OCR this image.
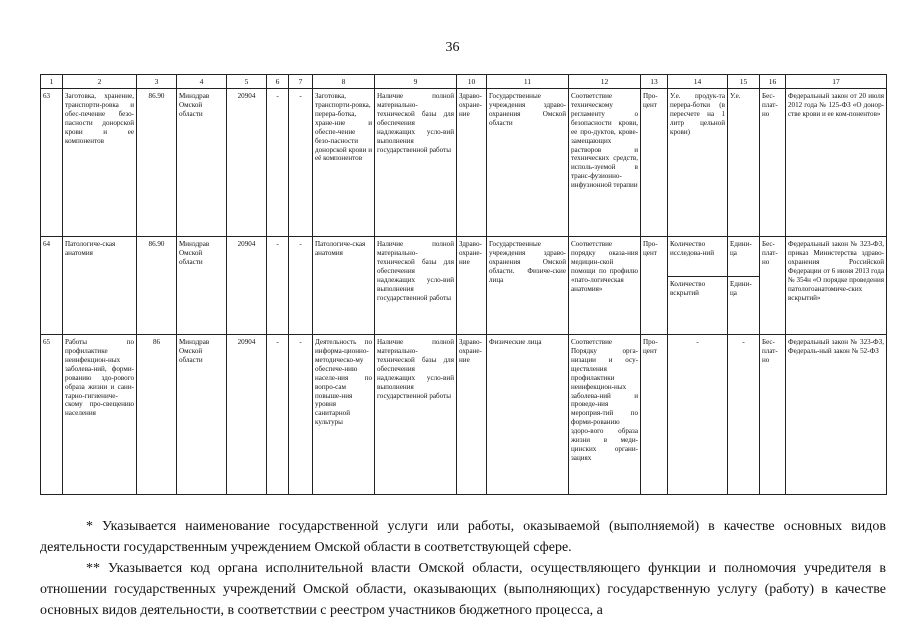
36
1	2	3	4	5	6	7	8	9	10	11	12	13	14	15	16	17
63	Заготовка, хранение, транспорти-ровка и обес-печение безо-пасности донорской крови и ее компонентов	86.90	Минздрав Омской области	20904	-	-	Заготовка, транспорти-ровка, перера-ботка, хране-ние и обеспе-чение безо-пасности донорской крови и её компонентов	Наличие полной материально-технической базы для обеспечения надлежащих усло-вий выполнения государственной работы	Здраво-охране-ние	Государственные учреждения здраво-охранения Омской области	Соответствие техническому регламенту о безопасности крови, ее про-дуктов, крове-замещающих растворов и технических средств, исполь-зуемой в транс-фузионно-инфузионной терапии	Про-цент	У.е. продук-та перера-ботки (в пересчете на 1 литр цельной крови)	У.е.	Бес-плат-но	Федеральный закон от 20 июля 2012 года № 125-ФЗ «О донор-стве крови и ее ком-понентов»
64	Патологиче-ская анатомия	86.90	Минздрав Омской области	20904	-	-	Патологиче-ская анатомия	Наличие полной материально-технической базы для обеспечения надлежащих усло-вий выполнения государственной работы	Здраво-охране-ние	Государственные учреждения здраво-охранения Омской области. Физиче-ские лица	Соответствие порядку оказа-ния медицин-ской помощи по профилю «пато-логическая анатомия»	Про-цент	Количество исследова-ний	Едини-ца	Бес-плат-но	Федеральный закон № 323-ФЗ, приказ Министерства здраво-охранения Российской Федерации от 6 июня 2013 года № 354н «О порядке проведения патологоанатомиче-ских вскрытий»
													Количество вскрытий	Едини-ца		
65	Работы по профилактике неинфекцион-ных заболева-ний, форми-рованию здо-рового образа жизни и сани-тарно-гигиениче-скому про-свещению населения	86	Минздрав Омской области	20904	-	-	Деятельность по информа-ционно-методическо-му обеспече-нию населе-ния по вопро-сам повыше-ния уровня санитарной культуры	Наличие полной материально-технической базы для обеспечения надлежащих усло-вий выполнения государственной работы	Здраво-охране-ние	Физические лица	Соответствие Порядку орга-низации и осу-ществления профилактики неинфекцион-ных заболева-ний и проведе-ния мероприя-тий по форми-рованию здоро-вого образа жизни в меди-цинских органи-зациях	Про-цент	-	-	Бес-плат-но	Федеральный закон № 323-ФЗ, Федераль-ный закон № 52-ФЗ

* Указывается наименование государственной услуги или работы, оказываемой (выполняемой) в качестве основных видов деятельности государственным учреждением Омской области в соответствующей сфере.

** Указывается код органа исполнительной власти Омской области, осуществляющего функции и полномочия учредителя в отношении государственных учреждений Омской области, оказывающих (выполняющих) государственную услугу (работу) в качестве основных видов деятельности, в соответствии с реестром участников бюджетного процесса, а
